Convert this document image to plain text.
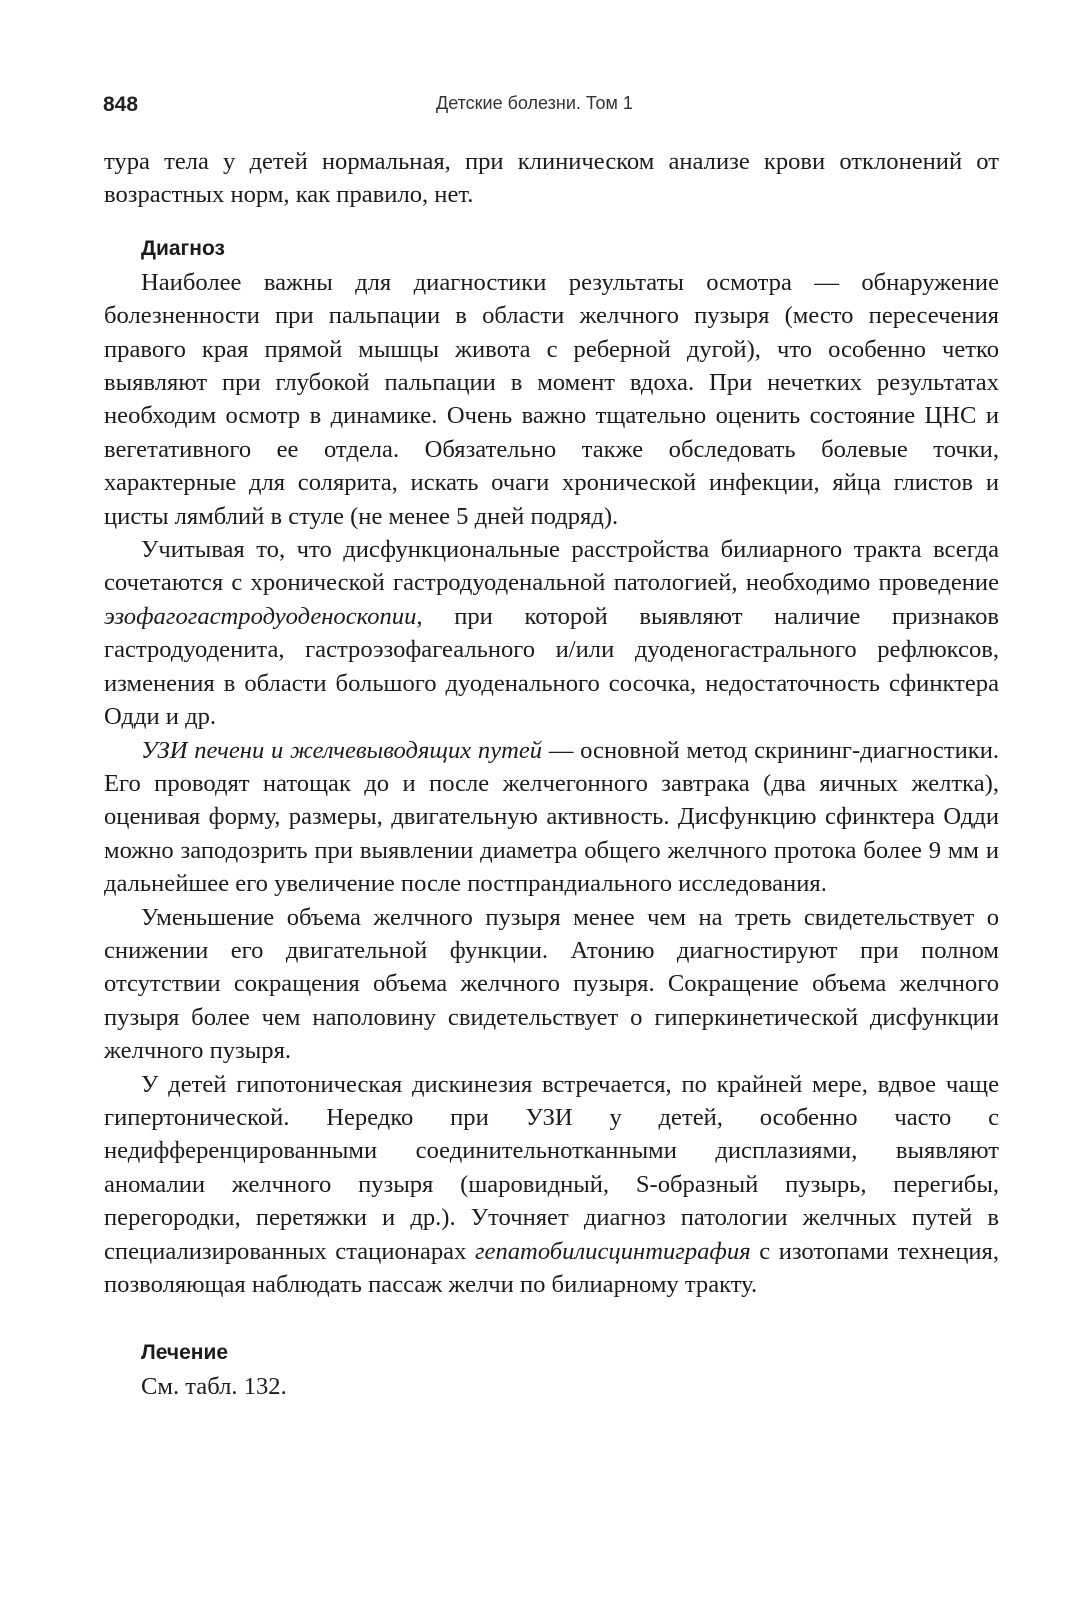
848	Детские болезни. Том 1

тура тела у детей нормальная, при клиническом анализе крови отклонений от возрастных норм, как правило, нет.

Диагноз

Наиболее важны для диагностики результаты осмотра — обнаружение болезненности при пальпации в области желчного пузыря (место пересечения правого края прямой мышцы живота с реберной дугой), что особенно четко выявляют при глубокой пальпации в момент вдоха. При нечетких результатах необходим осмотр в динамике. Очень важно тщательно оценить состояние ЦНС и вегетативного ее отдела. Обязательно также обследовать болевые точки, характерные для солярита, искать очаги хронической инфекции, яйца глистов и цисты лямблий в стуле (не менее 5 дней подряд).

Учитывая то, что дисфункциональные расстройства билиарного тракта всегда сочетаются с хронической гастродуоденальной патологией, необходимо проведение эзофагогастродуоденоскопии, при которой выявляют наличие признаков гастродуоденита, гастроэзофагеального и/или дуоденогастрального рефлюксов, изменения в области большого дуоденального сосочка, недостаточность сфинктера Одди и др.

УЗИ печени и желчевыводящих путей — основной метод скрининг-диагностики. Его проводят натощак до и после желчегонного завтрака (два яичных желтка), оценивая форму, размеры, двигательную активность. Дисфункцию сфинктера Одди можно заподозрить при выявлении диаметра общего желчного протока более 9 мм и дальнейшее его увеличение после постпрандиального исследования.

Уменьшение объема желчного пузыря менее чем на треть свидетельствует о снижении его двигательной функции. Атонию диагностируют при полном отсутствии сокращения объема желчного пузыря. Сокращение объема желчного пузыря более чем наполовину свидетельствует о гиперкинетической дисфункции желчного пузыря.

У детей гипотоническая дискинезия встречается, по крайней мере, вдвое чаще гипертонической. Нередко при УЗИ у детей, особенно часто с недифференцированными соединительнотканными дисплазиями, выявляют аномалии желчного пузыря (шаровидный, S-образный пузырь, перегибы, перегородки, перетяжки и др.). Уточняет диагноз патологии желчных путей в специализированных стационарах гепатобилисцинтиграфия с изотопами технеция, позволяющая наблюдать пассаж желчи по билиарному тракту.

Лечение

См. табл. 132.
